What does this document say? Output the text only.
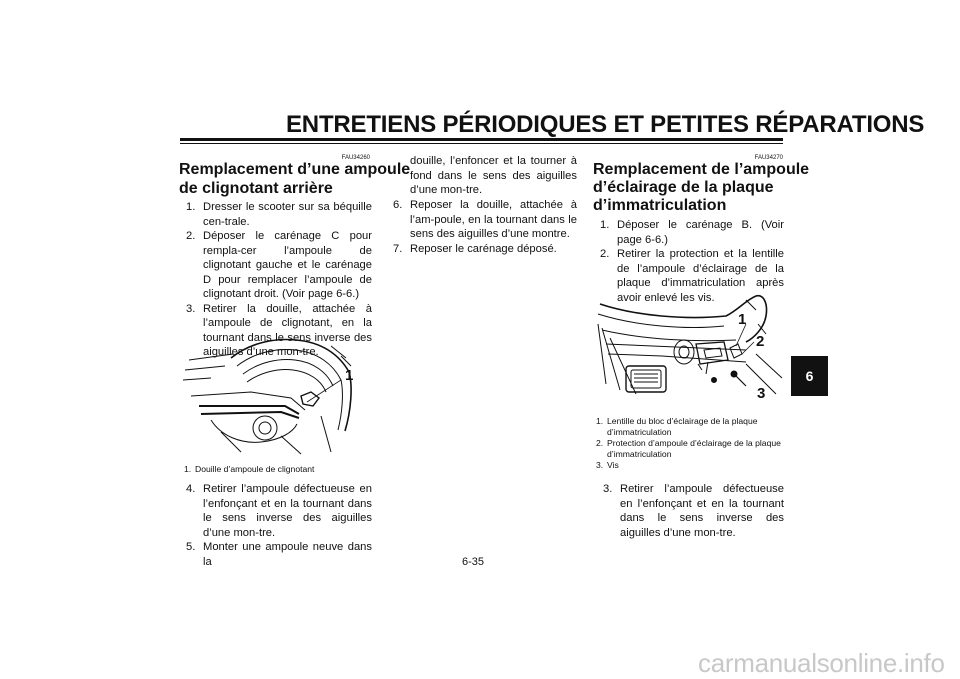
ENTRETIENS PÉRIODIQUES ET PETITES RÉPARATIONS
6
FAU34260
Remplacement d’une ampoule
de clignotant arrière
1. Dresser le scooter sur sa béquille cen-trale.
2. Déposer le carénage C pour rempla-cer l’ampoule de clignotant gauche et le carénage D pour remplacer l’ampoule de clignotant droit. (Voir page 6-6.)
3. Retirer la douille, attachée à l’ampoule de clignotant, en la tournant dans le sens inverse des aiguilles d’une mon-tre.
1
1. Douille d’ampoule de clignotant
4. Retirer l’ampoule défectueuse en l’enfonçant et en la tournant dans le sens inverse des aiguilles d’une mon-tre.
5. Monter une ampoule neuve dans la
douille, l’enfoncer et la tourner à fond dans le sens des aiguilles d’une mon-tre.
6. Reposer la douille, attachée à l’am-poule, en la tournant dans le sens des aiguilles d’une montre.
7. Reposer le carénage déposé.
FAU34270
Remplacement de l’ampoule
d’éclairage de la plaque
d’immatriculation
1. Déposer le carénage B. (Voir page 6-6.)
2. Retirer la protection et la lentille de l’ampoule d’éclairage de la plaque d’immatriculation après avoir enlevé les vis.
1
2
3
1. Lentille du bloc d’éclairage de la plaque d’immatriculation
2. Protection d’ampoule d’éclairage de la plaque d’immatriculation
3. Vis
3. Retirer l’ampoule défectueuse en l’enfonçant et en la tournant dans le sens inverse des aiguilles d’une mon-tre.
6-35
carmanualsonline.info
